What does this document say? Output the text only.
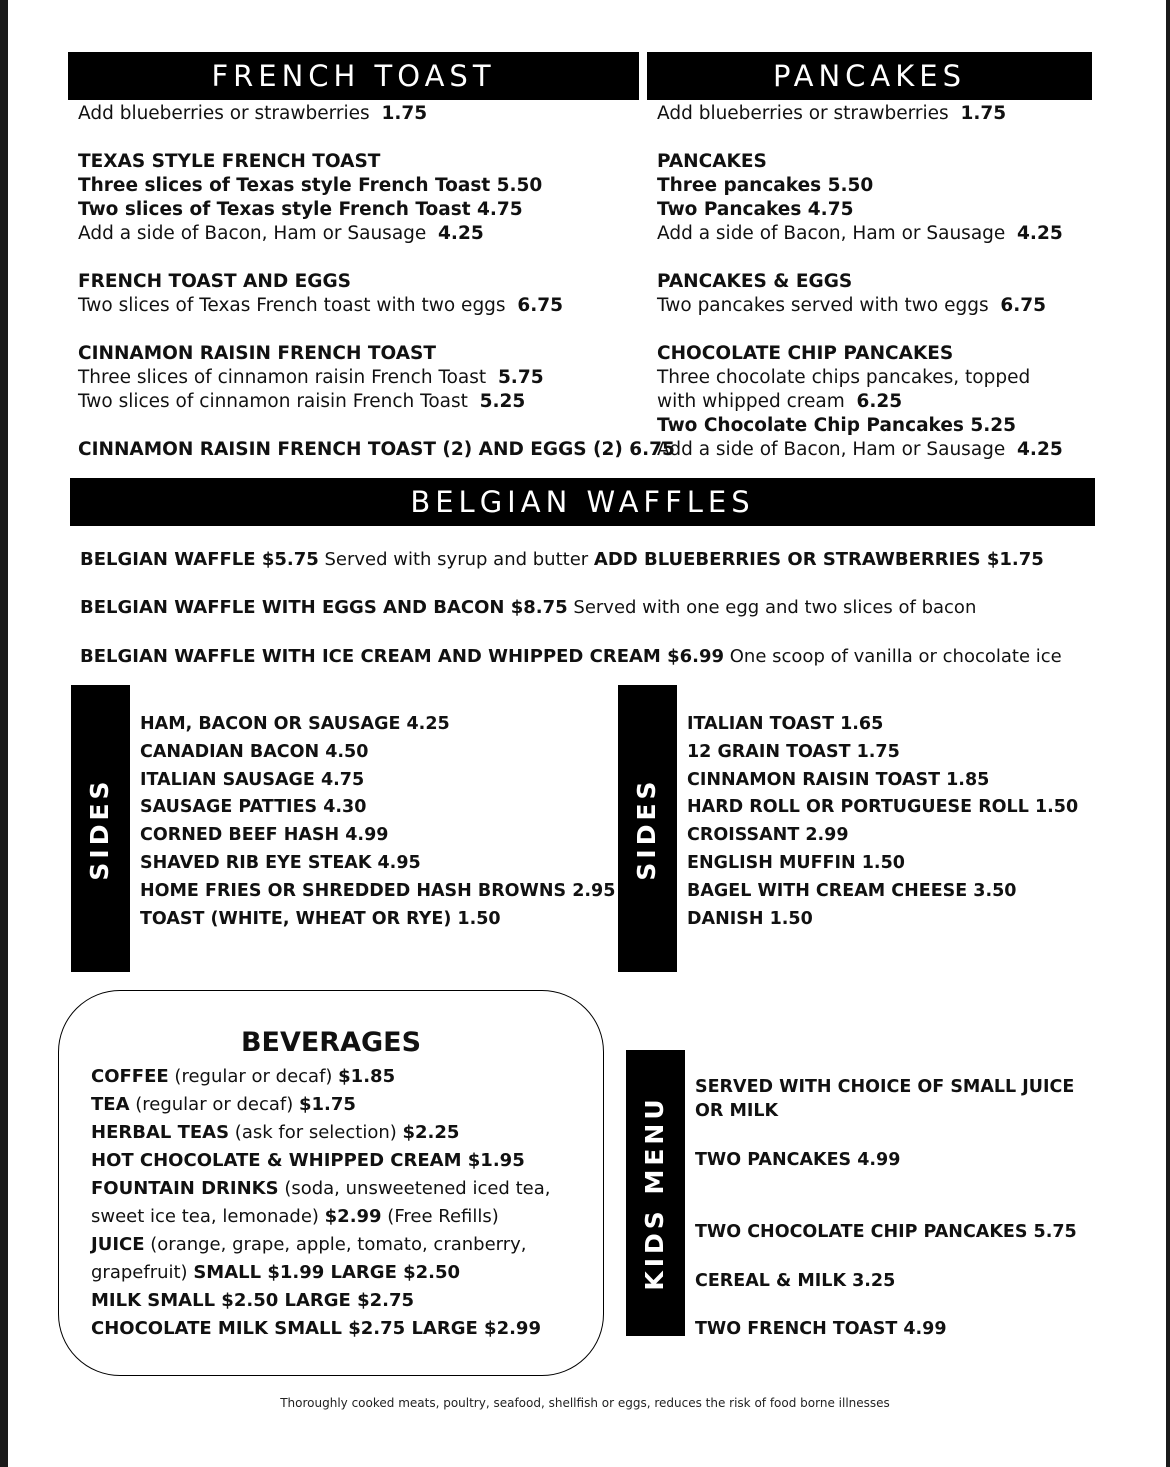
FRENCH TOAST
Add blueberries or strawberries 1.75
TEXAS STYLE FRENCH TOAST
Three slices of Texas style French Toast 5.50
Two slices of Texas style French Toast 4.75
Add a side of Bacon, Ham or Sausage 4.25
FRENCH TOAST AND EGGS
Two slices of Texas French toast with two eggs 6.75
CINNAMON RAISIN FRENCH TOAST
Three slices of cinnamon raisin French Toast 5.75
Two slices of cinnamon raisin French Toast 5.25
CINNAMON RAISIN FRENCH TOAST (2) AND EGGS (2) 6.75
PANCAKES
Add blueberries or strawberries 1.75
PANCAKES
Three pancakes 5.50
Two Pancakes 4.75
Add a side of Bacon, Ham or Sausage 4.25
PANCAKES & EGGS
Two pancakes served with two eggs 6.75
CHOCOLATE CHIP PANCAKES
Three chocolate chips pancakes, topped
with whipped cream 6.25
Two Chocolate Chip Pancakes 5.25
Add a side of Bacon, Ham or Sausage 4.25
BELGIAN WAFFLES
BELGIAN WAFFLE $5.75 Served with syrup and butter ADD BLUEBERRIES OR STRAWBERRIES $1.75
BELGIAN WAFFLE WITH EGGS AND BACON $8.75 Served with one egg and two slices of bacon
BELGIAN WAFFLE WITH ICE CREAM AND WHIPPED CREAM $6.99 One scoop of vanilla or chocolate ice
SIDES
HAM, BACON OR SAUSAGE 4.25
CANADIAN BACON 4.50
ITALIAN SAUSAGE 4.75
SAUSAGE PATTIES 4.30
CORNED BEEF HASH 4.99
SHAVED RIB EYE STEAK 4.95
HOME FRIES OR SHREDDED HASH BROWNS 2.95
TOAST (WHITE, WHEAT OR RYE) 1.50
SIDES
ITALIAN TOAST 1.65
12 GRAIN TOAST 1.75
CINNAMON RAISIN TOAST 1.85
HARD ROLL OR PORTUGUESE ROLL 1.50
CROISSANT 2.99
ENGLISH MUFFIN 1.50
BAGEL WITH CREAM CHEESE 3.50
DANISH 1.50
BEVERAGES
COFFEE (regular or decaf) $1.85
TEA (regular or decaf) $1.75
HERBAL TEAS (ask for selection) $2.25
HOT CHOCOLATE & WHIPPED CREAM $1.95
FOUNTAIN DRINKS (soda, unsweetened iced tea,
sweet ice tea, lemonade) $2.99 (Free Refills)
JUICE (orange, grape, apple, tomato, cranberry,
grapefruit) SMALL $1.99 LARGE $2.50
MILK SMALL $2.50 LARGE $2.75
CHOCOLATE MILK SMALL $2.75 LARGE $2.99
KIDS MENU
SERVED WITH CHOICE OF SMALL JUICE
OR MILK
TWO PANCAKES 4.99
TWO CHOCOLATE CHIP PANCAKES 5.75
CEREAL & MILK 3.25
TWO FRENCH TOAST 4.99
Thoroughly cooked meats, poultry, seafood, shellfish or eggs, reduces the risk of food borne illnesses
